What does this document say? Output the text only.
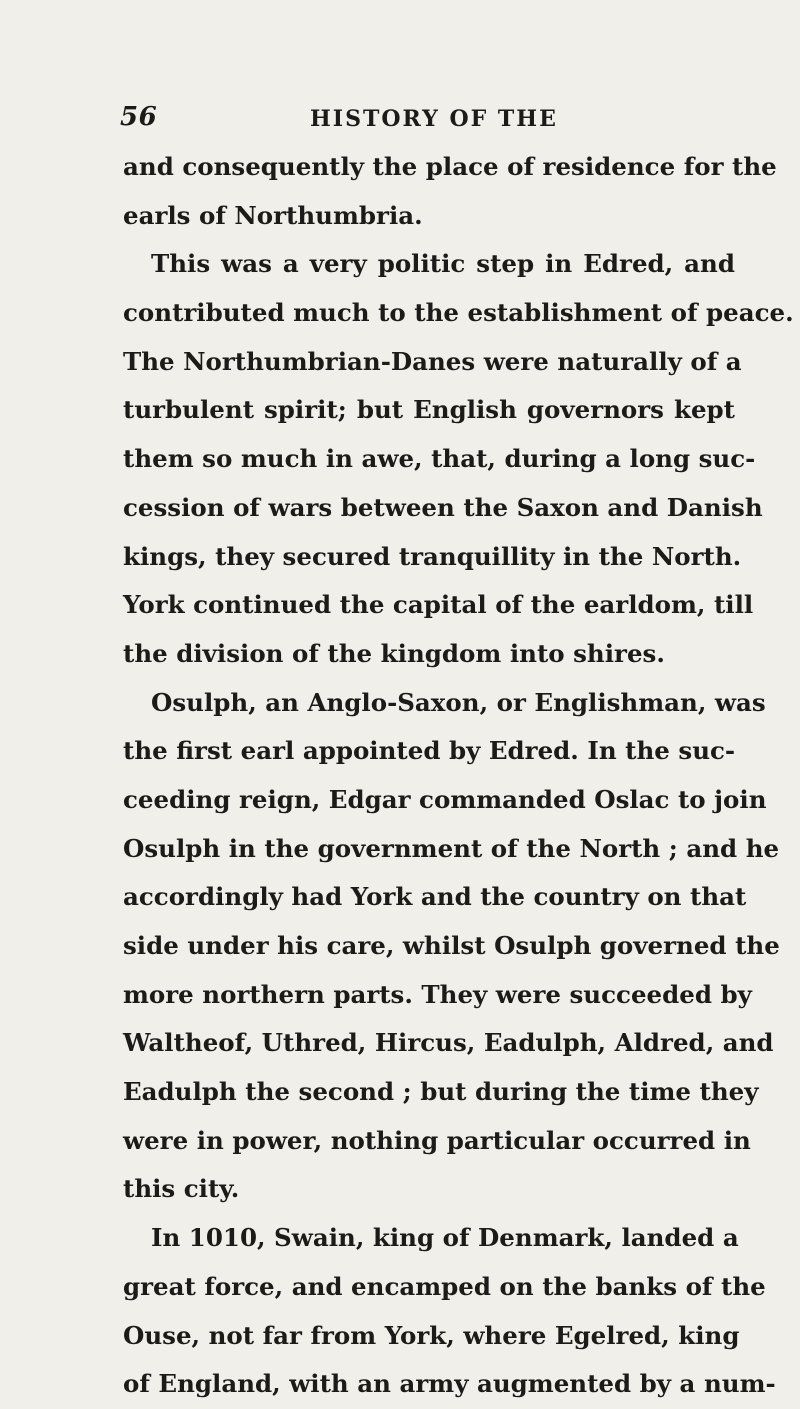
56	HISTORY OF THE
and consequently the place of residence for the
earls of Northumbria.
This was a very politic step in Edred, and
contributed much to the establishment of peace.
The Northumbrian-Danes were naturally of a
turbulent spirit; but English governors kept
them so much in awe, that, during a long suc-
cession of wars between the Saxon and Danish
kings, they secured tranquillity in the North.
York continued the capital of the earldom, till
the division of the kingdom into shires.
Osulph, an Anglo-Saxon, or Englishman, was
the first earl appointed by Edred. In the suc-
ceeding reign, Edgar commanded Oslac to join
Osulph in the government of the North ; and he
accordingly had York and the country on that
side under his care, whilst Osulph governed the
more northern parts. They were succeeded by
Waltheof, Uthred, Hircus, Eadulph, Aldred, and
Eadulph the second ; but during the time they
were in power, nothing particular occurred in
this city.
In 1010, Swain, king of Denmark, landed a
great force, and encamped on the banks of the
Ouse, not far from York, where Egelred, king
of England, with an army augmented by a num-
